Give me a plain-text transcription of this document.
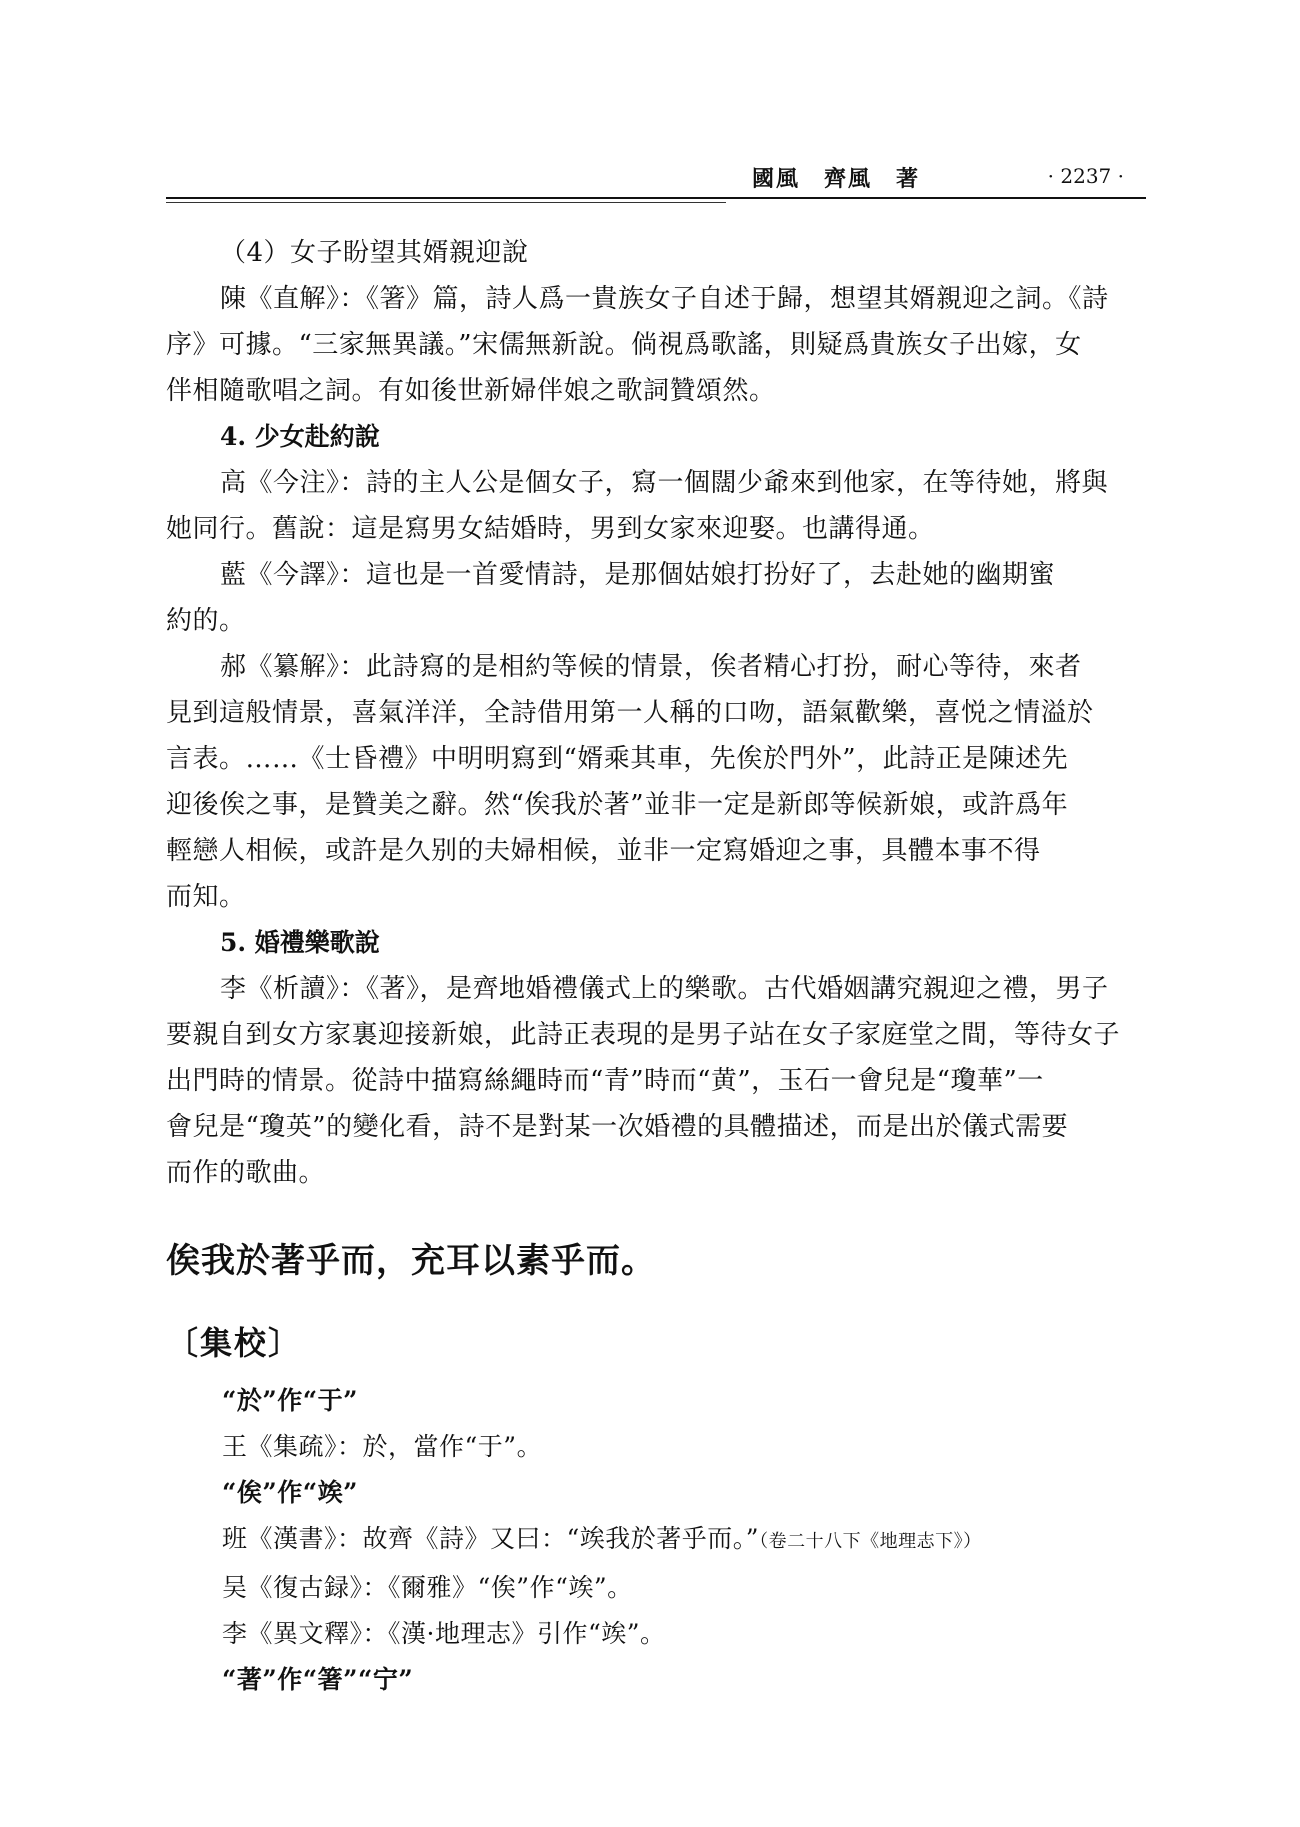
國風　齊風　著	· 2237 ·
（4）女子盼望其婿親迎說
陳《直解》：《箸》篇，詩人爲一貴族女子自述于歸，想望其婿親迎之詞。《詩
序》可據。“三家無異議。”宋儒無新說。倘視爲歌謠，則疑爲貴族女子出嫁，女
伴相隨歌唱之詞。有如後世新婦伴娘之歌詞贊頌然。
4. 少女赴約說
高《今注》：詩的主人公是個女子，寫一個闊少爺來到他家，在等待她，將與
她同行。舊說：這是寫男女結婚時，男到女家來迎娶。也講得通。
藍《今譯》：這也是一首愛情詩，是那個姑娘打扮好了，去赴她的幽期蜜
約的。
郝《纂解》：此詩寫的是相約等候的情景，俟者精心打扮，耐心等待，來者
見到這般情景，喜氣洋洋，全詩借用第一人稱的口吻，語氣歡樂，喜悦之情溢於
言表。……《士昏禮》中明明寫到“婿乘其車，先俟於門外”，此詩正是陳述先
迎後俟之事，是贊美之辭。然“俟我於著”並非一定是新郎等候新娘，或許爲年
輕戀人相候，或許是久别的夫婦相候，並非一定寫婚迎之事，具體本事不得
而知。
5. 婚禮樂歌說
李《析讀》：《著》，是齊地婚禮儀式上的樂歌。古代婚姻講究親迎之禮，男子
要親自到女方家裏迎接新娘，此詩正表現的是男子站在女子家庭堂之間，等待女子
出門時的情景。從詩中描寫絲繩時而“青”時而“黄”，玉石一會兒是“瓊華”一
會兒是“瓊英”的變化看，詩不是對某一次婚禮的具體描述，而是出於儀式需要
而作的歌曲。
俟我於著乎而，充耳以素乎而。
〔集校〕
“於”作“于”
王《集疏》：於，當作“于”。
“俟”作“竢”
班《漢書》：故齊《詩》又曰：“竢我於著乎而。”（卷二十八下《地理志下》）
吴《復古録》：《爾雅》“俟”作“竢”。
李《異文釋》：《漢·地理志》引作“竢”。
“著”作“箸”“宁”
